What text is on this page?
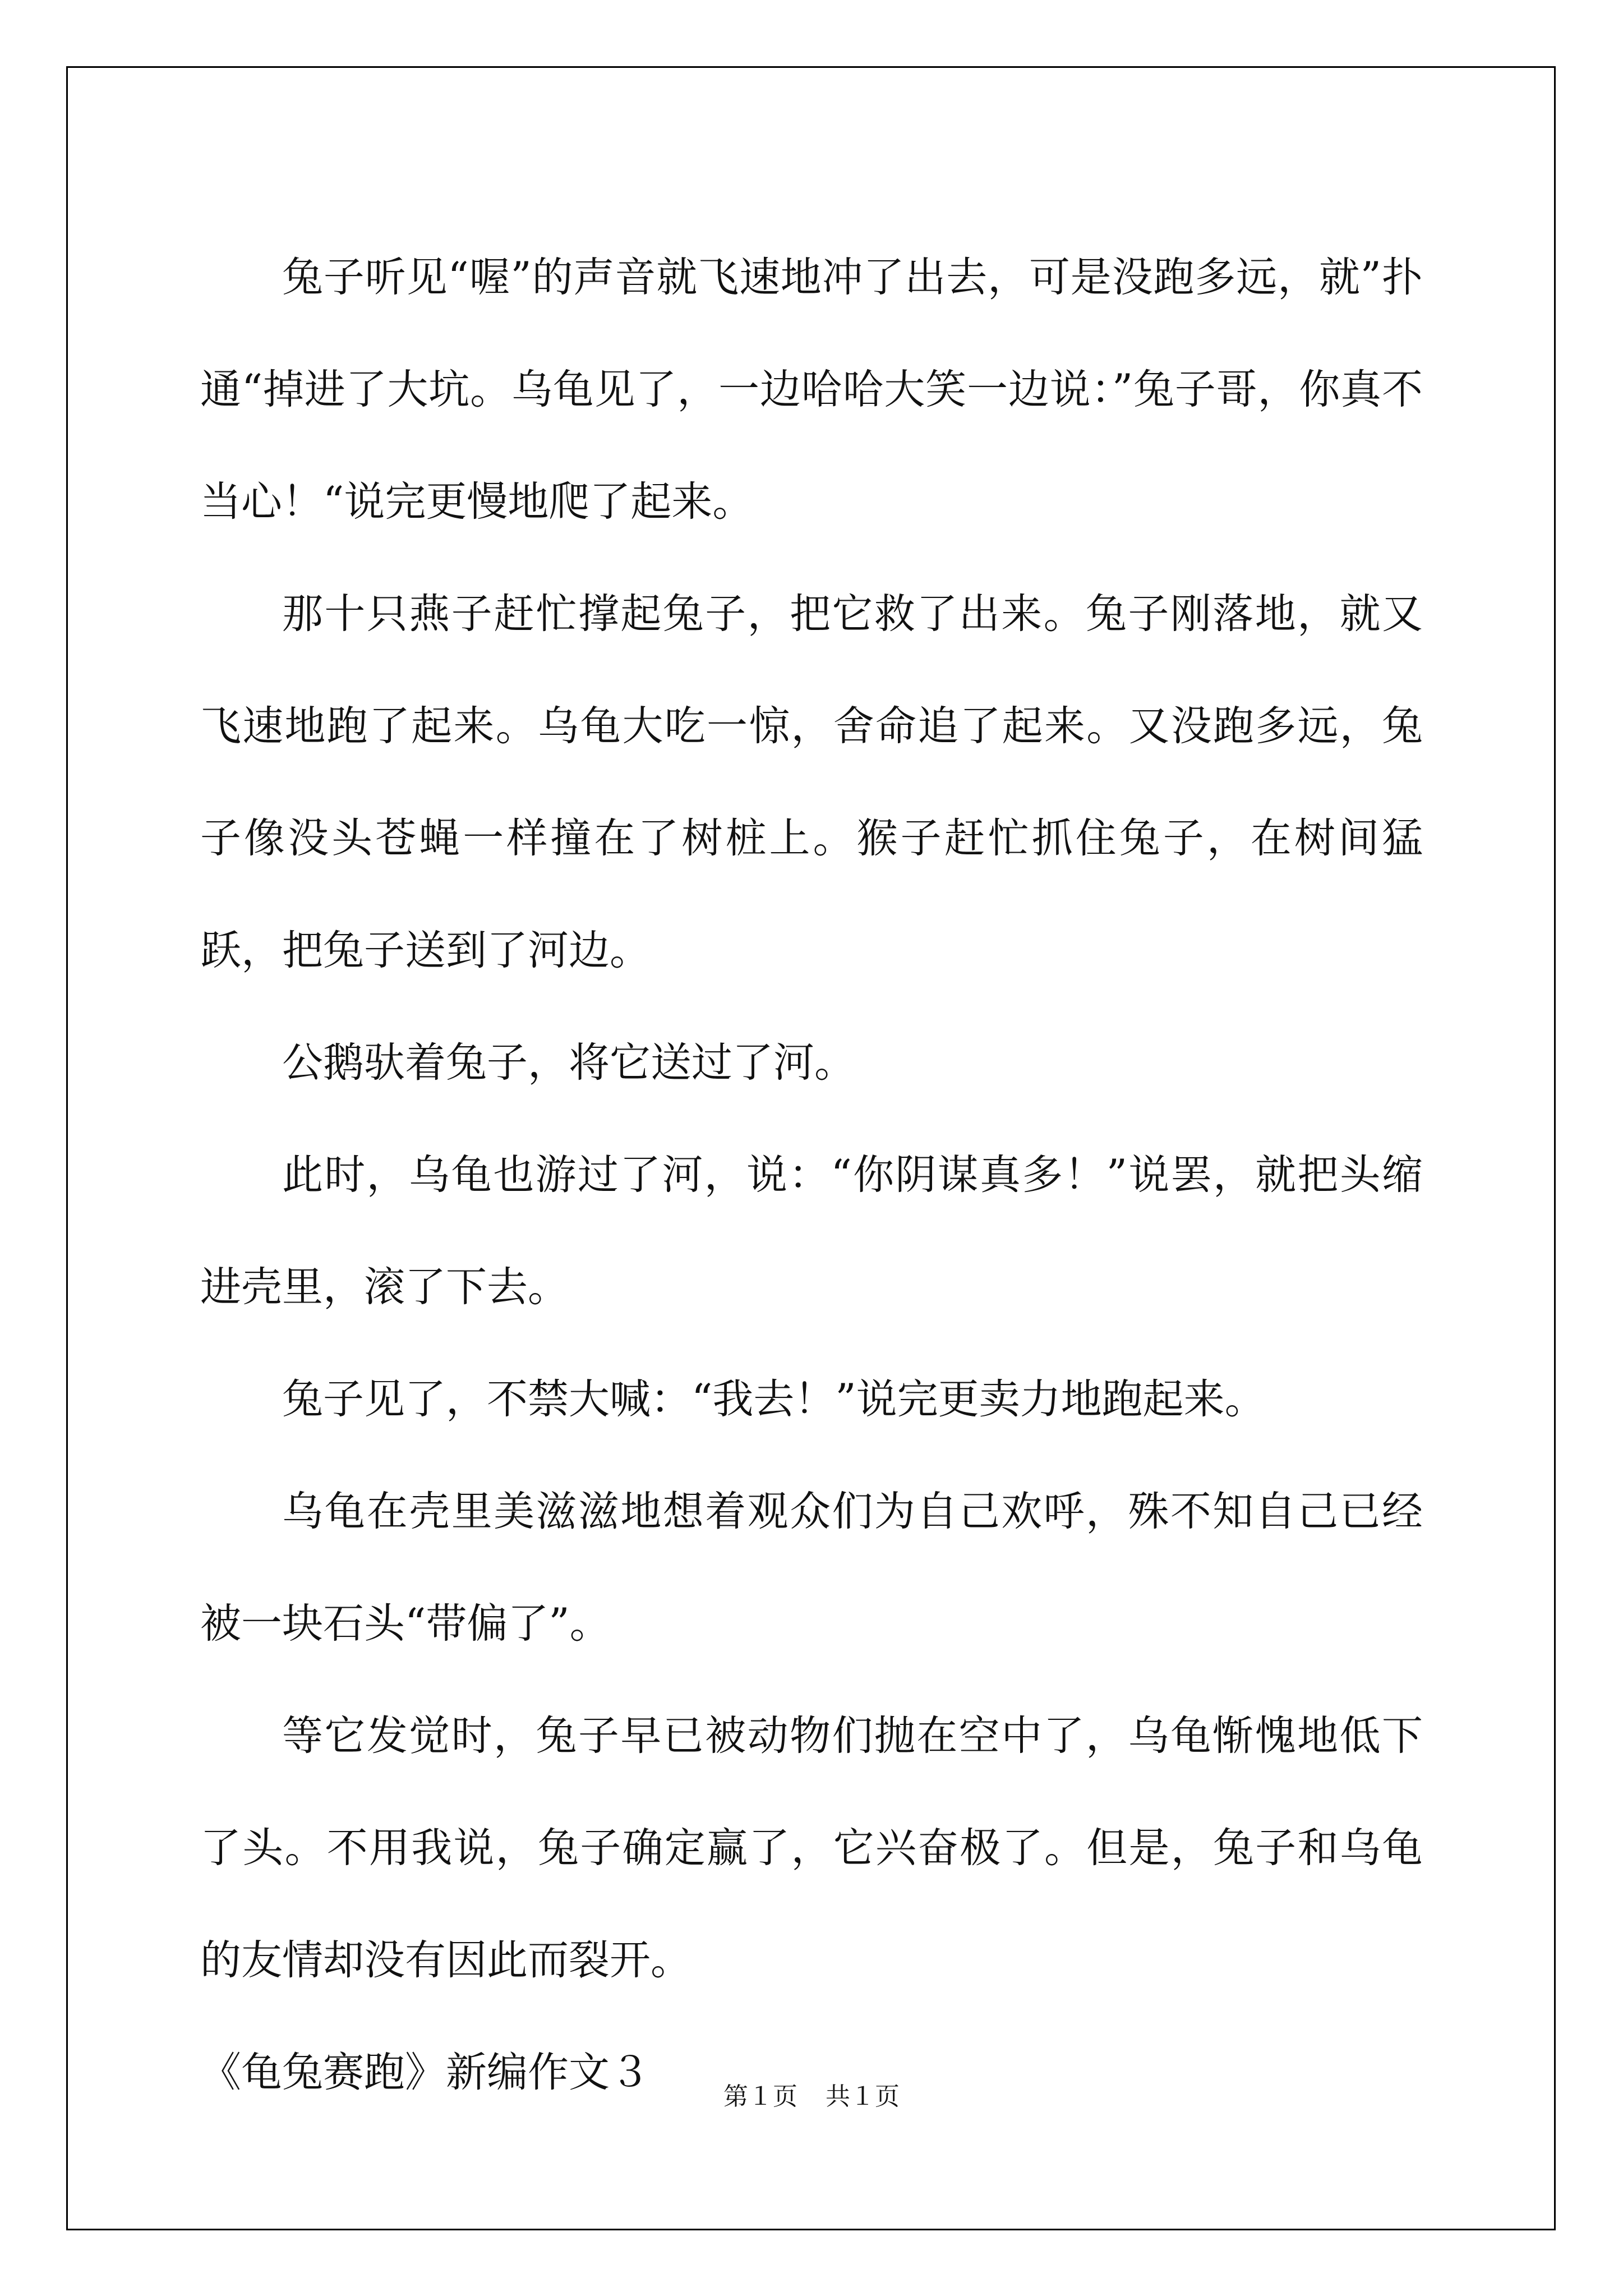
兔子听见“喔”的声音就飞速地冲了出去，可是没跑多远，就”扑通“掉进了大坑。乌龟见了，一边哈哈大笑一边说：”兔子哥，你真不当心！“说完更慢地爬了起来。

那十只燕子赶忙撑起兔子，把它救了出来。兔子刚落地，就又飞速地跑了起来。乌龟大吃一惊，舍命追了起来。又没跑多远，兔子像没头苍蝇一样撞在了树桩上。猴子赶忙抓住兔子，在树间猛跃，把兔子送到了河边。

公鹅驮着兔子，将它送过了河。

此时，乌龟也游过了河，说：“你阴谋真多！”说罢，就把头缩进壳里，滚了下去。

兔子见了，不禁大喊：“我去！”说完更卖力地跑起来。

乌龟在壳里美滋滋地想着观众们为自己欢呼，殊不知自己已经被一块石头“带偏了”。

等它发觉时，兔子早已被动物们抛在空中了，乌龟惭愧地低下了头。不用我说，兔子确定赢了，它兴奋极了。但是，兔子和乌龟的友情却没有因此而裂开。

《龟兔赛跑》新编作文３

第１页 共１页
